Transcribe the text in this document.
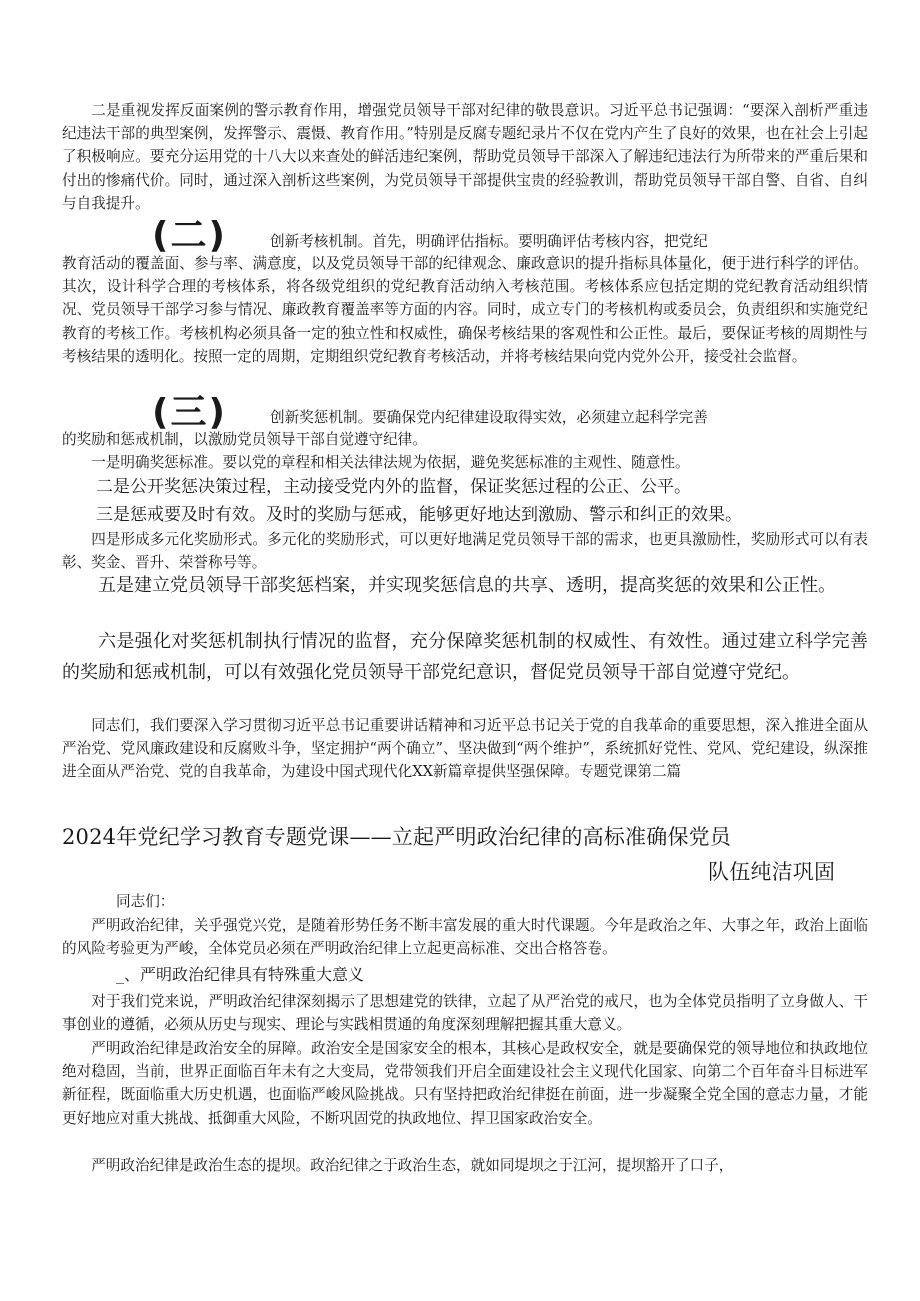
二是重视发挥反面案例的警示教育作用，增强党员领导干部对纪律的敬畏意识。习近平总书记强调：“要深入剖析严重违纪违法干部的典型案例，发挥警示、震慑、教育作用。”特别是反腐专题纪录片不仅在党内产生了良好的效果，也在社会上引起了积极响应。要充分运用党的十八大以来查处的鲜活违纪案例，帮助党员领导干部深入了解违纪违法行为所带来的严重后果和付出的惨痛代价。同时，通过深入剖析这些案例，为党员领导干部提供宝贵的经验教训，帮助党员领导干部自警、自省、自纠与自我提升。

(二)	创新考核机制。首先，明确评估指标。要明确评估考核内容，把党纪

教育活动的覆盖面、参与率、满意度，以及党员领导干部的纪律观念、廉政意识的提升指标具体量化，便于进行科学的评估。其次，设计科学合理的考核体系，将各级党组织的党纪教育活动纳入考核范围。考核体系应包括定期的党纪教育活动组织情况、党员领导干部学习参与情况、廉政教育覆盖率等方面的内容。同时，成立专门的考核机构或委员会，负责组织和实施党纪教育的考核工作。考核机构必须具备一定的独立性和权威性，确保考核结果的客观性和公正性。最后，要保证考核的周期性与考核结果的透明化。按照一定的周期，定期组织党纪教育考核活动，并将考核结果向党内党外公开，接受社会监督。

(三)	创新奖惩机制。要确保党内纪律建设取得实效，必须建立起科学完善

的奖励和惩戒机制，以激励党员领导干部自觉遵守纪律。

一是明确奖惩标准。要以党的章程和相关法律法规为依据，避免奖惩标准的主观性、随意性。

二是公开奖惩决策过程，主动接受党内外的监督，保证奖惩过程的公正、公平。

三是惩戒要及时有效。及时的奖励与惩戒，能够更好地达到激励、警示和纠正的效果。

四是形成多元化奖励形式。多元化的奖励形式，可以更好地满足党员领导干部的需求，也更具激励性，奖励形式可以有表彰、奖金、晋升、荣誉称号等。

五是建立党员领导干部奖惩档案，并实现奖惩信息的共享、透明，提高奖惩的效果和公正性。

六是强化对奖惩机制执行情况的监督，充分保障奖惩机制的权威性、有效性。通过建立科学完善的奖励和惩戒机制，可以有效强化党员领导干部党纪意识，督促党员领导干部自觉遵守党纪。

同志们，我们要深入学习贯彻习近平总书记重要讲话精神和习近平总书记关于党的自我革命的重要思想，深入推进全面从严治党、党风廉政建设和反腐败斗争，坚定拥护“两个确立”、坚决做到“两个维护”，系统抓好党性、党风、党纪建设，纵深推进全面从严治党、党的自我革命，为建设中国式现代化XX新篇章提供坚强保障。专题党课第二篇

2024年党纪学习教育专题党课——立起严明政治纪律的高标准确保党员
队伍纯洁巩固
同志们：

严明政治纪律，关乎强党兴党，是随着形势任务不断丰富发展的重大时代课题。今年是政治之年、大事之年，政治上面临的风险考验更为严峻，全体党员必须在严明政治纪律上立起更高标准、交出合格答卷。

_、严明政治纪律具有特殊重大意义

对于我们党来说，严明政治纪律深刻揭示了思想建党的铁律，立起了从严治党的戒尺，也为全体党员指明了立身做人、干事创业的遵循，必须从历史与现实、理论与实践相贯通的角度深刻理解把握其重大意义。

严明政治纪律是政治安全的屏障。政治安全是国家安全的根本，其核心是政权安全，就是要确保党的领导地位和执政地位绝对稳固，当前，世界正面临百年未有之大变局，党带领我们开启全面建设社会主义现代化国家、向第二个百年奋斗目标进军新征程，既面临重大历史机遇，也面临严峻风险挑战。只有坚持把政治纪律挺在前面，进一步凝聚全党全国的意志力量，才能更好地应对重大挑战、抵御重大风险，不断巩固党的执政地位、捍卫国家政治安全。

严明政治纪律是政治生态的提坝。政治纪律之于政治生态，就如同堤坝之于江河，提坝豁开了口子，
